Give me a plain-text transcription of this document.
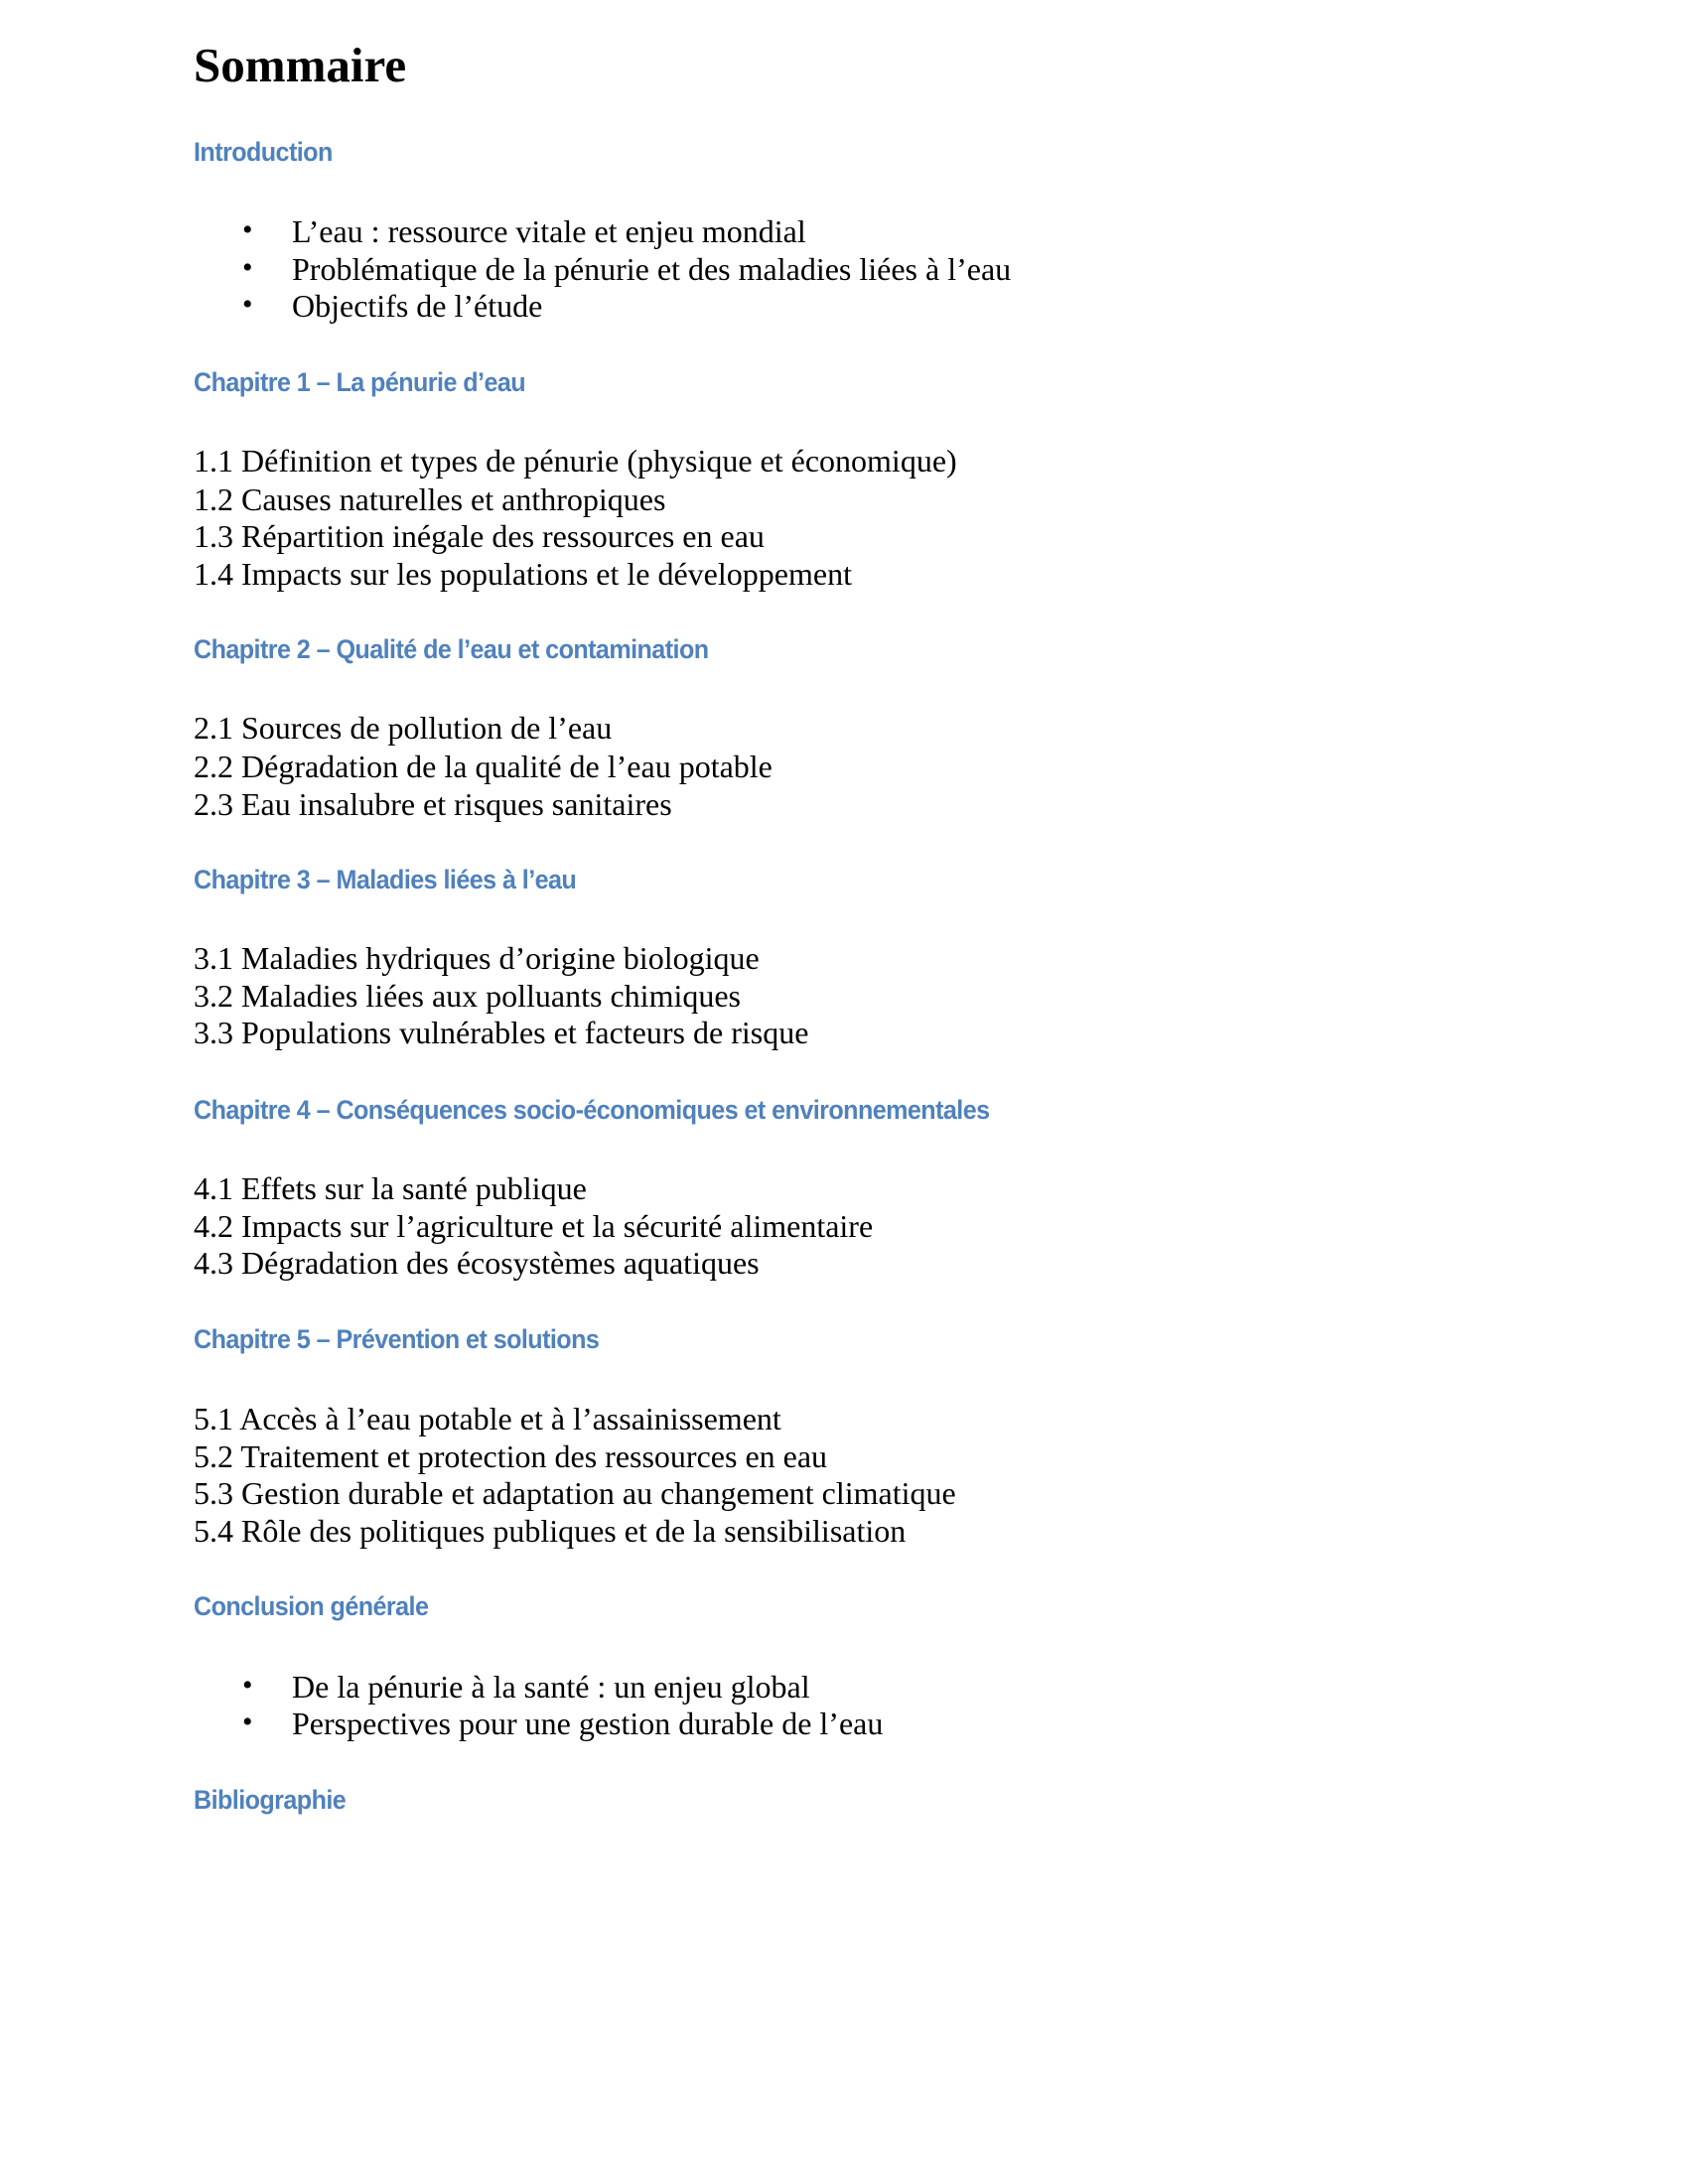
Sommaire
Introduction
• L’eau : ressource vitale et enjeu mondial
• Problématique de la pénurie et des maladies liées à l’eau
• Objectifs de l’étude
Chapitre 1 – La pénurie d’eau
1.1 Définition et types de pénurie (physique et économique)
1.2 Causes naturelles et anthropiques
1.3 Répartition inégale des ressources en eau
1.4 Impacts sur les populations et le développement
Chapitre 2 – Qualité de l’eau et contamination
2.1 Sources de pollution de l’eau
2.2 Dégradation de la qualité de l’eau potable
2.3 Eau insalubre et risques sanitaires
Chapitre 3 – Maladies liées à l’eau
3.1 Maladies hydriques d’origine biologique
3.2 Maladies liées aux polluants chimiques
3.3 Populations vulnérables et facteurs de risque
Chapitre 4 – Conséquences socio-économiques et environnementales
4.1 Effets sur la santé publique
4.2 Impacts sur l’agriculture et la sécurité alimentaire
4.3 Dégradation des écosystèmes aquatiques
Chapitre 5 – Prévention et solutions
5.1 Accès à l’eau potable et à l’assainissement
5.2 Traitement et protection des ressources en eau
5.3 Gestion durable et adaptation au changement climatique
5.4 Rôle des politiques publiques et de la sensibilisation
Conclusion générale
• De la pénurie à la santé : un enjeu global
• Perspectives pour une gestion durable de l’eau
Bibliographie
